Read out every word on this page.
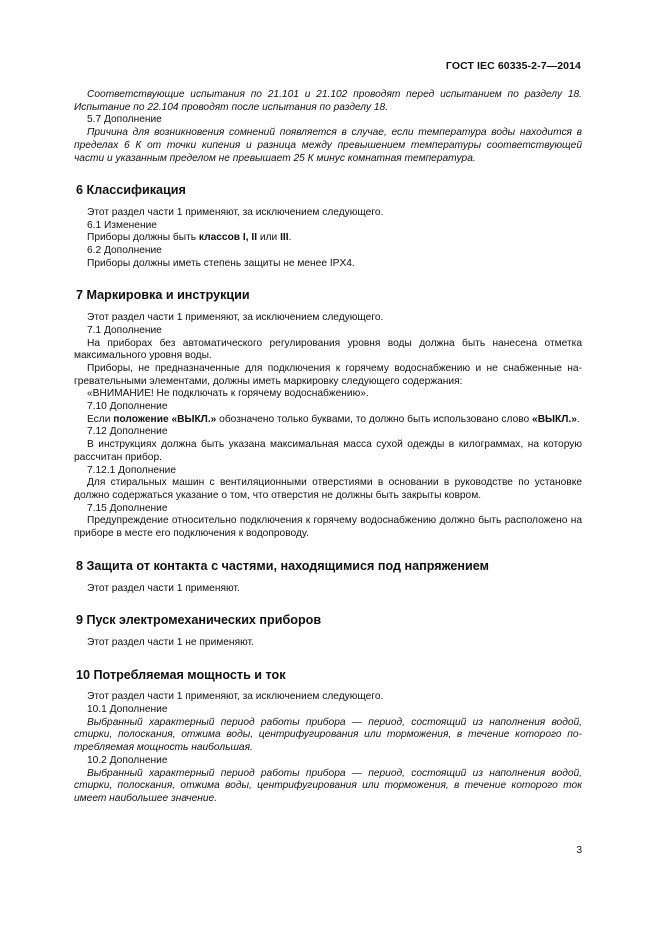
ГОСТ IEC 60335-2-7—2014

Соответствующие испытания по 21.101 и 21.102 проводят перед испытанием по разделу 18. Испытание по 22.104 проводят после испытания по разделу 18.

5.7 Дополнение

Причина для возникновения сомнений появляется в случае, если температура воды находится в пределах 6 К от точки кипения и разница между превышением температуры соответствующей части и указанным пределом не превышает 25 К минус комнатная температура.

6 Классификация

Этот раздел части 1 применяют, за исключением следующего.

6.1 Изменение

Приборы должны быть классов I, II или III.

6.2 Дополнение

Приборы должны иметь степень защиты не менее IPX4.

7 Маркировка и инструкции

Этот раздел части 1 применяют, за исключением следующего.

7.1 Дополнение

На приборах без автоматического регулирования уровня воды должна быть нанесена отметка максимального уровня воды.

Приборы, не предназначенные для подключения к горячему водоснабжению и не снабженные нагревательными элементами, должны иметь маркировку следующего содержания:

«ВНИМАНИЕ! Не подключать к горячему водоснабжению».

7.10 Дополнение

Если положение «ВЫКЛ.» обозначено только буквами, то должно быть использовано слово «ВЫКЛ.».

7.12 Дополнение

В инструкциях должна быть указана максимальная масса сухой одежды в килограммах, на которую рассчитан прибор.

7.12.1 Дополнение

Для стиральных машин с вентиляционными отверстиями в основании в руководстве по установке должно содержаться указание о том, что отверстия не должны быть закрыты ковром.

7.15 Дополнение

Предупреждение относительно подключения к горячему водоснабжению должно быть расположено на приборе в месте его подключения к водопроводу.

8 Защита от контакта с частями, находящимися под напряжением

Этот раздел части 1 применяют.

9 Пуск электромеханических приборов

Этот раздел части 1 не применяют.

10 Потребляемая мощность и ток

Этот раздел части 1 применяют, за исключением следующего.

10.1 Дополнение

Выбранный характерный период работы прибора — период, состоящий из наполнения водой, стирки, полоскания, отжима воды, центрифугирования или торможения, в течение которого потребляемая мощность наибольшая.

10.2 Дополнение

Выбранный характерный период работы прибора — период, состоящий из наполнения водой, стирки, полоскания, отжима воды, центрифугирования или торможения, в течение которого ток имеет наибольшее значение.

3
